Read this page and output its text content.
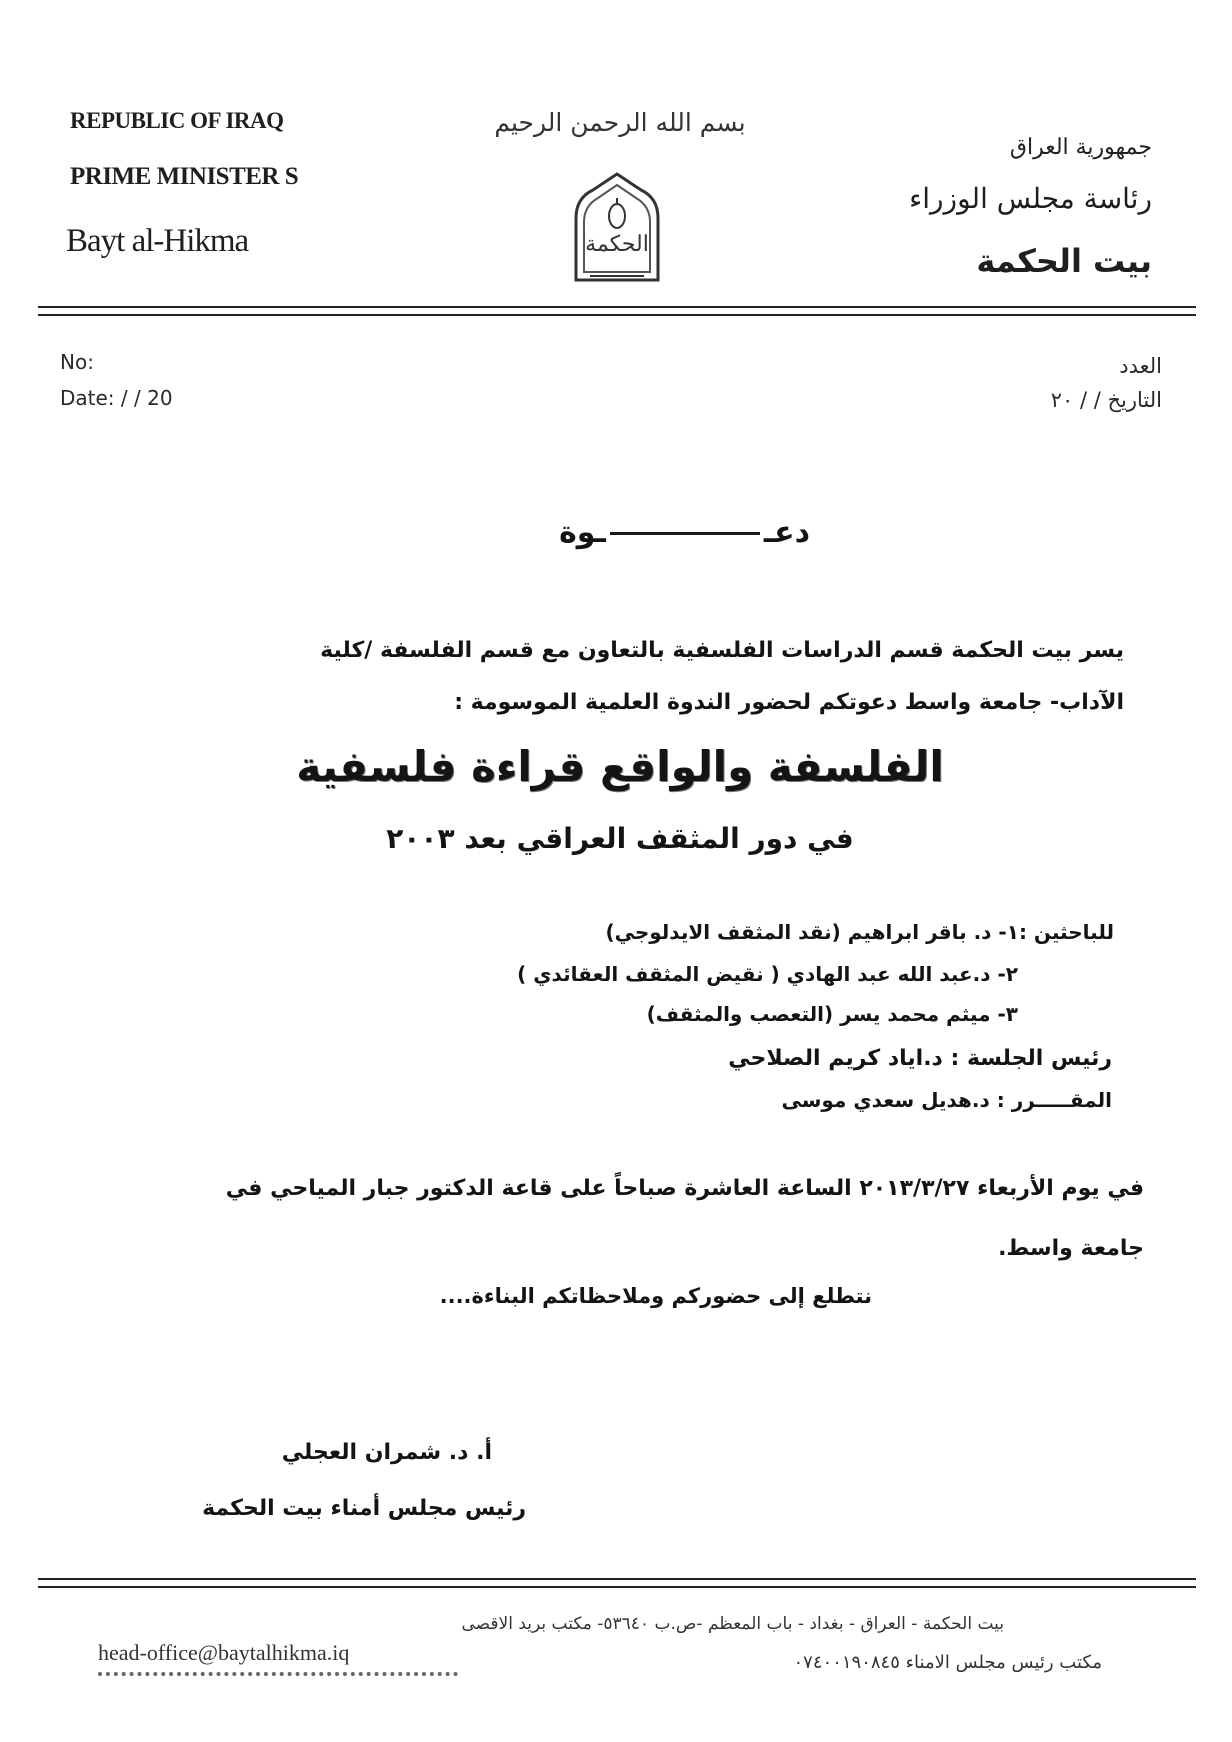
REPUBLIC OF IRAQ
PRIME MINISTER S
Bayt al-Hikma
بسم الله الرحمن الرحيم
الحكمة
جمهورية العراق
رئاسة مجلس الوزراء
بيت الحكمة
No:
Date: / / 20
العدد
التاريخ / / ٢٠
دعــوة
يسر بيت الحكمة قسم الدراسات الفلسفية بالتعاون مع قسم الفلسفة /كلية
الآداب- جامعة واسط دعوتكم لحضور الندوة العلمية الموسومة :
الفلسفة والواقع قراءة فلسفية
في دور المثقف العراقي بعد ٢٠٠٣
للباحثين :١- د. باقر ابراهيم (نقد المثقف الايدلوجي)
٢- د.عبد الله عبد الهادي ( نقيض المثقف العقائدي )
٣- ميثم محمد يسر (التعصب والمثقف)
رئيس الجلسة : د.اياد كريم الصلاحي
المقـــــرر : د.هديل سعدي موسى
في يوم الأربعاء ٢٠١٣/٣/٢٧ الساعة العاشرة صباحاً على قاعة الدكتور جبار المياحي في
جامعة واسط.
نتطلع إلى حضوركم وملاحظاتكم البناءة....
أ. د. شمران العجلي
رئيس مجلس أمناء بيت الحكمة
بيت الحكمة - العراق - بغداد - باب المعظم -ص.ب ٥٣٦٤٠- مكتب بريد الاقصى
مكتب رئيس مجلس الامناء ٠٧٤٠٠١٩٠٨٤٥
head-office@baytalhikma.iq
